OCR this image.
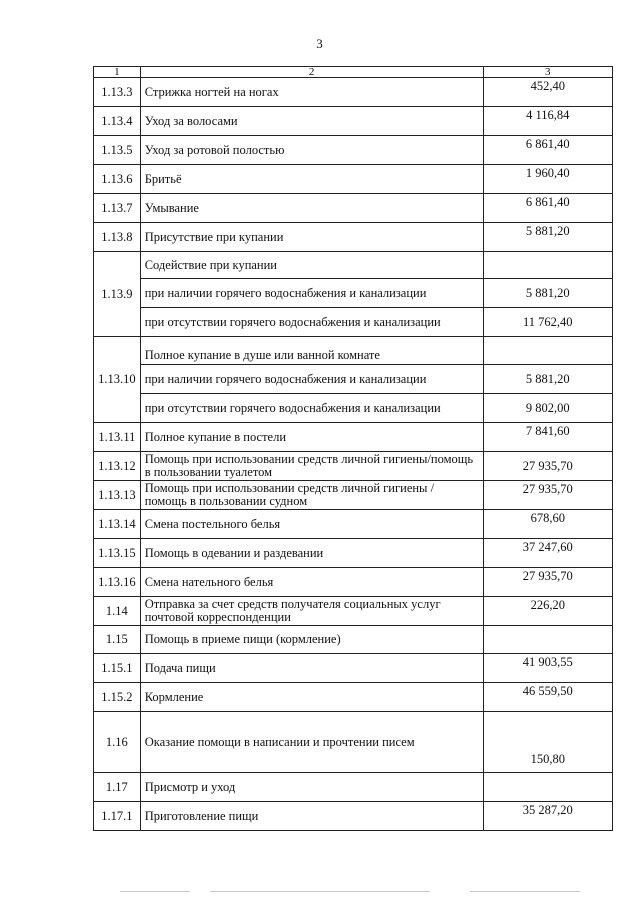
3
1	2	3
1.13.3	Стрижка ногтей на ногах	452,40
1.13.4	Уход за волосами	4 116,84
1.13.5	Уход за ротовой полостью	6 861,40
1.13.6	Бритьё	1 960,40
1.13.7	Умывание	6 861,40
1.13.8	Присутствие при купании	5 881,20
1.13.9	Содействие при купании	
	при наличии горячего водоснабжения и канализации	5 881,20
	при отсутствии горячего водоснабжения и канализации	11 762,40
1.13.10	Полное купание в душе или ванной комнате	
	при наличии горячего водоснабжения и канализации	5 881,20
	при отсутствии горячего водоснабжения и канализации	9 802,00
1.13.11	Полное купание в постели	7 841,60
1.13.12	Помощь при использовании средств личной гигиены/помощь в пользовании туалетом	27 935,70
1.13.13	Помощь при использовании средств личной гигиены / помощь в пользовании судном	27 935,70
1.13.14	Смена постельного белья	678,60
1.13.15	Помощь в одевании и раздевании	37 247,60
1.13.16	Смена нательного белья	27 935,70
1.14	Отправка за счет средств получателя социальных услуг почтовой корреспонденции	226,20
1.15	Помощь в приеме пищи (кормление)	
1.15.1	Подача пищи	41 903,55
1.15.2	Кормление	46 559,50
1.16	Оказание помощи в написании и прочтении писем	150,80
1.17	Присмотр и уход	
1.17.1	Приготовление пищи	35 287,20
